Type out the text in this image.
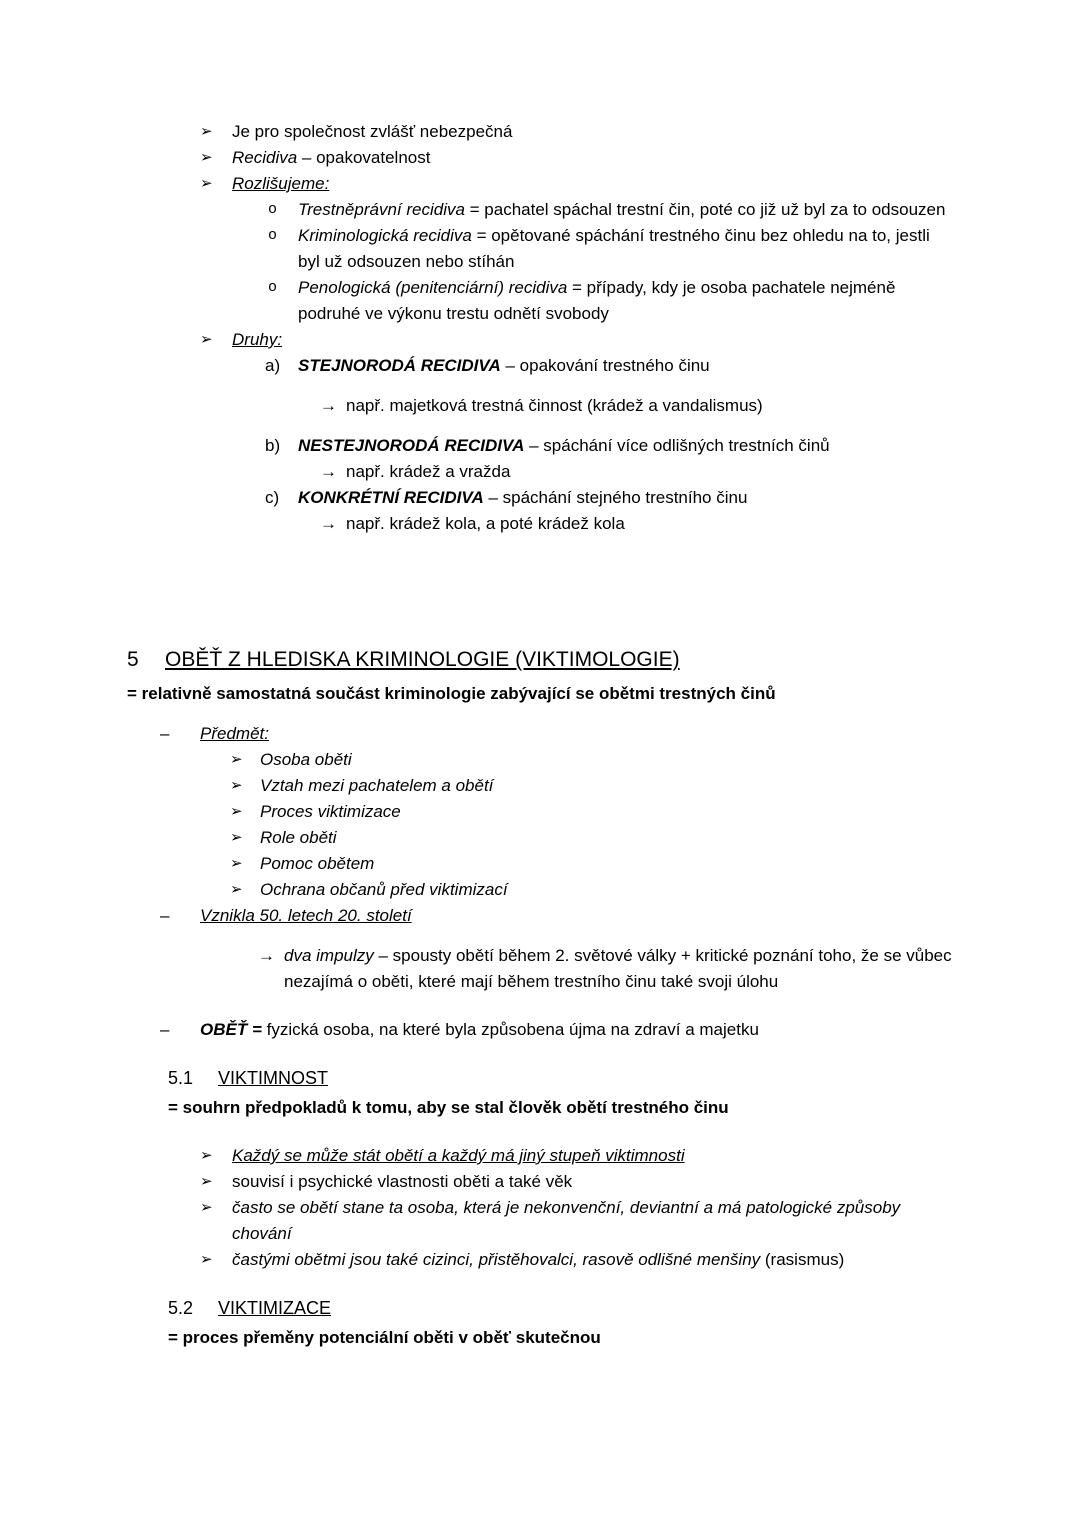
➢	Je pro společnost zvlášť nebezpečná
➢	Recidiva – opakovatelnost
➢	Rozlišujeme:
o	Trestněprávní recidiva = pachatel spáchal trestní čin, poté co již už byl za to odsouzen
o	Kriminologická recidiva = opětované spáchání trestného činu bez ohledu na to, jestli byl už odsouzen nebo stíhán
o	Penologická (penitenciární) recidiva = případy, kdy je osoba pachatele nejméně podruhé ve výkonu trestu odnětí svobody
➢	Druhy:
a)	STEJNORODÁ RECIDIVA – opakování trestného činu
→ např. majetková trestná činnost (krádež a vandalismus)
b)	NESTEJNORODÁ RECIDIVA – spáchání více odlišných trestních činů
→ např. krádež a vražda
c)	KONKRÉTNÍ RECIDIVA – spáchání stejného trestního činu
→ např. krádež kola, a poté krádež kola
5	OBĚŤ Z HLEDISKA KRIMINOLOGIE (VIKTIMOLOGIE)
= relativně samostatná součást kriminologie zabývající se obětmi trestných činů
–	Předmět:
➢	Osoba oběti
➢	Vztah mezi pachatelem a obětí
➢	Proces viktimizace
➢	Role oběti
➢	Pomoc obětem
➢	Ochrana občanů před viktimizací
–	Vznikla 50. letech 20. století
→ dva impulzy – spousty obětí během 2. světové války + kritické poznání toho, že se vůbec nezajímá o oběti, které mají během trestního činu také svoji úlohu
–	OBĚŤ = fyzická osoba, na které byla způsobena újma na zdraví a majetku
5.1	VIKTIMNOST
= souhrn předpokladů k tomu, aby se stal člověk obětí trestného činu
➢	Každý se může stát obětí a každý má jiný stupeň viktimnosti
➢	souvisí i psychické vlastnosti oběti a také věk
➢	často se obětí stane ta osoba, která je nekonvenční, deviantní a má patologické způsoby chování
➢	častými obětmi jsou také cizinci, přistěhovalci, rasově odlišné menšiny (rasismus)
5.2	VIKTIMIZACE
= proces přeměny potenciální oběti v oběť skutečnou
